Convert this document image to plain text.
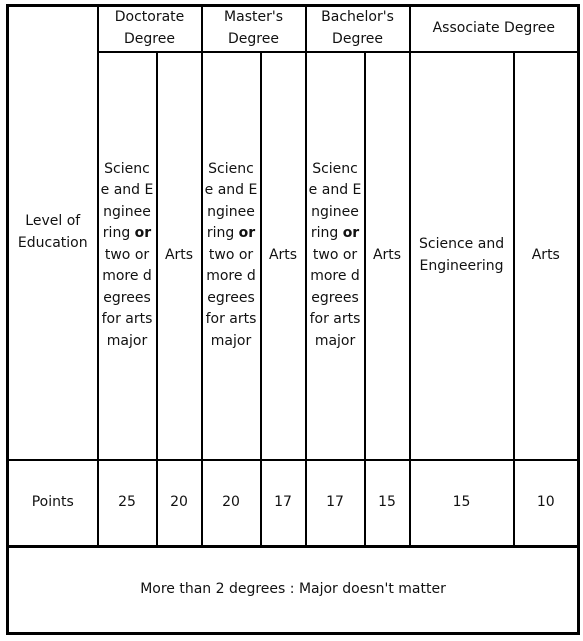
Level of Education	Doctorate Degree		Master's Degree		Bachelor's Degree		Associate Degree	
	Science and Enginee ring or two or more degrees for arts major	Arts	Science and Enginee ring or two or more degrees for arts major	Arts	Science and Enginee ring or two or more degrees for arts major	Arts	Science and Engineering	Arts
Points	25	20	20	17	17	15	15	10
More than 2 degrees : Major doesn't matter								
